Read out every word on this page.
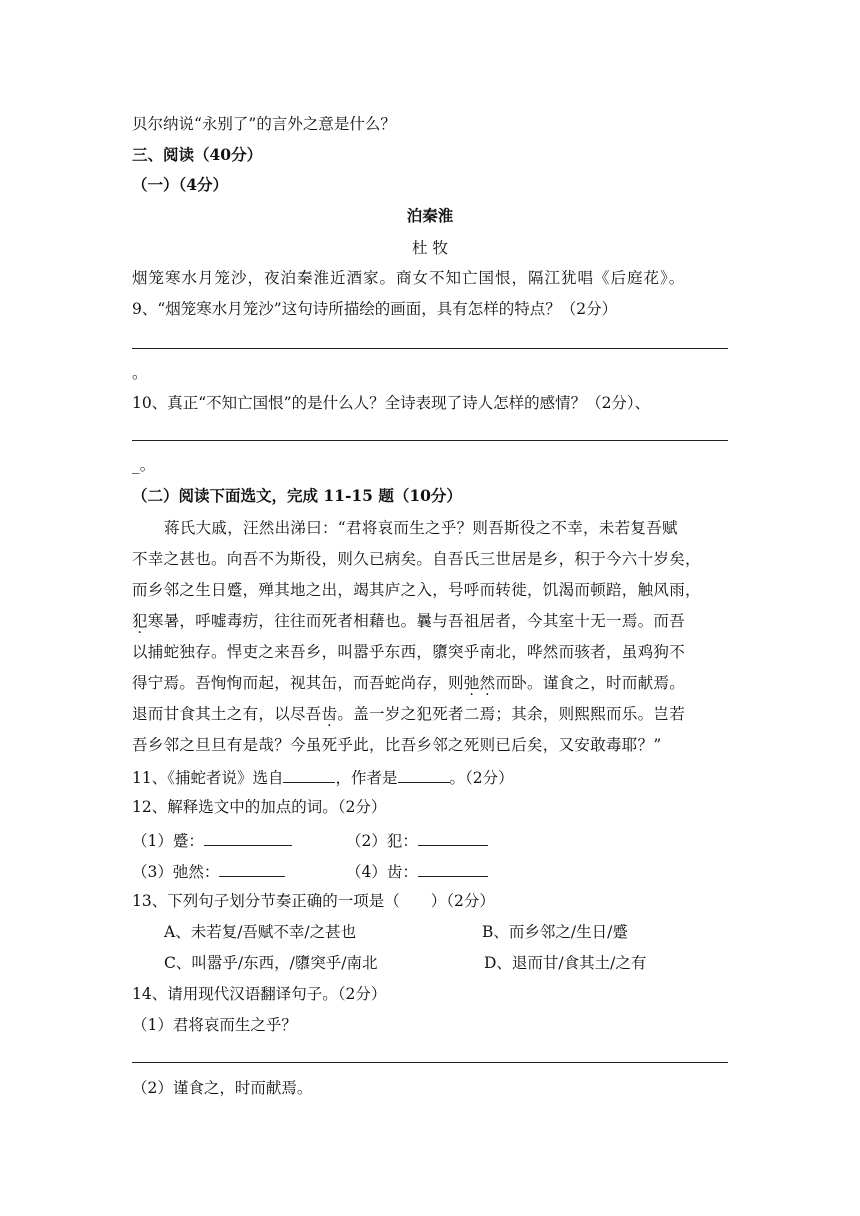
贝尔纳说“永别了”的言外之意是什么？
三、阅读（40分）
（一）（4分）
泊秦淮
杜 牧
烟笼寒水月笼沙，夜泊秦淮近酒家。商女不知亡国恨，隔江犹唱《后庭花》。
9、“烟笼寒水月笼沙”这句诗所描绘的画面，具有怎样的特点？（2分）
。
10、真正“不知亡国恨”的是什么人？全诗表现了诗人怎样的感情？（2分）、
_。
（二）阅读下面选文，完成 11-15 题（10分）
蒋氏大戚，汪然出涕曰：“君将哀而生之乎？则吾斯役之不幸，未若复吾赋
不幸之甚也。向吾不为斯役，则久已病矣。自吾氏三世居是乡，积于今六十岁矣，
而乡邻之生日蹙，殚其地之出，竭其庐之入，号呼而转徙，饥渴而顿踣，触风雨，
犯寒暑，呼嘘毒疠，往往而死者相藉也。曩与吾祖居者，今其室十无一焉。而吾
以捕蛇独存。悍吏之来吾乡，叫嚣乎东西，隳突乎南北，哗然而骇者，虽鸡狗不
得宁焉。吾恂恂而起，视其缶，而吾蛇尚存，则弛然而卧。谨食之，时而献焉。
退而甘食其土之有，以尽吾齿。盖一岁之犯死者二焉；其余，则熙熙而乐。岂若
吾乡邻之旦旦有是哉？今虽死乎此，比吾乡邻之死则已后矣，又安敢毒耶？”
11、《捕蛇者说》选自	，作者是	。（2分）
12、解释选文中的加点的词。（2分）
（1）蹙：	（2）犯：
（3）弛然：	（4）齿：
13、下列句子划分节奏正确的一项是（　　）（2分）
A、未若复/吾赋不幸/之甚也	B、而乡邻之/生日/蹙
C、叫嚣乎/东西，/隳突乎/南北	D、退而甘/食其土/之有
14、请用现代汉语翻译句子。（2分）
（1）君将哀而生之乎？
（2）谨食之，时而献焉。
